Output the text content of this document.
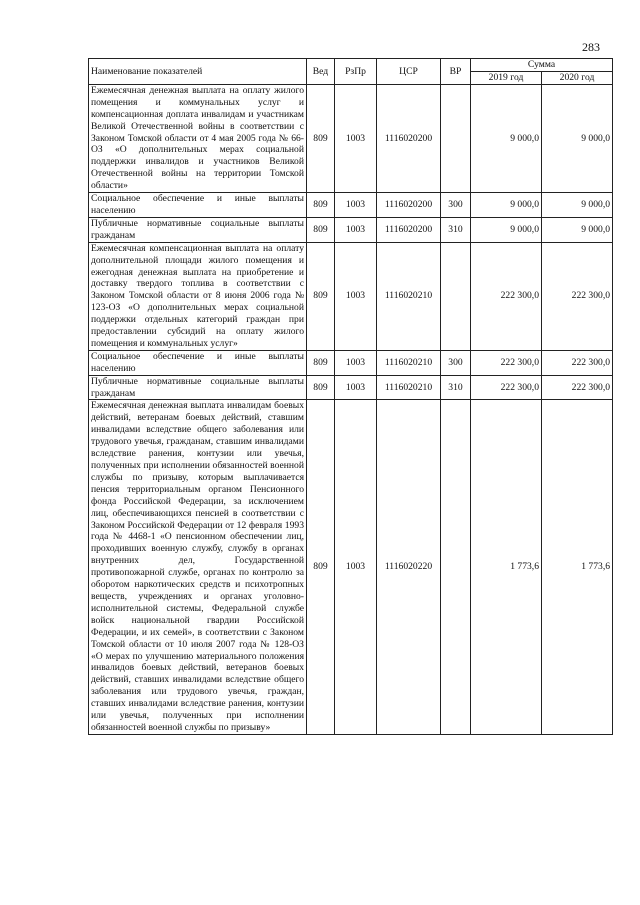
283
Наименование показателей	Вед	РзПр	ЦСР	ВР	Сумма	
					2019 год	2020 год
Ежемесячная денежная выплата на оплату жилого помещения и коммунальных услуг и компенсационная доплата инвалидам и участникам Великой Отечественной войны в соответствии с Законом Томской области от 4 мая 2005 года № 66-ОЗ «О дополнительных мерах социальной поддержки инвалидов и участников Великой Отечественной войны на территории Томской области»	809	1003	1116020200		9 000,0	9 000,0
Социальное обеспечение и иные выплаты населению	809	1003	1116020200	300	9 000,0	9 000,0
Публичные нормативные социальные выплаты гражданам	809	1003	1116020200	310	9 000,0	9 000,0
Ежемесячная компенсационная выплата на оплату дополнительной площади жилого помещения и ежегодная денежная выплата на приобретение и доставку твердого топлива в соответствии с Законом Томской области от 8 июня 2006 года № 123-ОЗ «О дополнительных мерах социальной поддержки отдельных категорий граждан при предоставлении субсидий на оплату жилого помещения и коммунальных услуг»	809	1003	1116020210		222 300,0	222 300,0
Социальное обеспечение и иные выплаты населению	809	1003	1116020210	300	222 300,0	222 300,0
Публичные нормативные социальные выплаты гражданам	809	1003	1116020210	310	222 300,0	222 300,0
Ежемесячная денежная выплата инвалидам боевых действий, ветеранам боевых действий, ставшим инвалидами вследствие общего заболевания или трудового увечья, гражданам, ставшим инвалидами вследствие ранения, контузии или увечья, полученных при исполнении обязанностей военной службы по призыву, которым выплачивается пенсия территориальным органом Пенсионного фонда Российской Федерации, за исключением лиц, обеспечивающихся пенсией в соответствии с Законом Российской Федерации от 12 февраля 1993 года № 4468-1 «О пенсионном обеспечении лиц, проходивших военную службу, службу в органах внутренних дел, Государственной противопожарной службе, органах по контролю за оборотом наркотических средств и психотропных веществ, учреждениях и органах уголовно-исполнительной системы, Федеральной службе войск национальной гвардии Российской Федерации, и их семей», в соответствии с Законом Томской области от 10 июля 2007 года № 128-ОЗ «О мерах по улучшению материального положения инвалидов боевых действий, ветеранов боевых действий, ставших инвалидами вследствие общего заболевания или трудового увечья, граждан, ставших инвалидами вследствие ранения, контузии или увечья, полученных при исполнении обязанностей военной службы по призыву»	809	1003	1116020220		1 773,6	1 773,6
